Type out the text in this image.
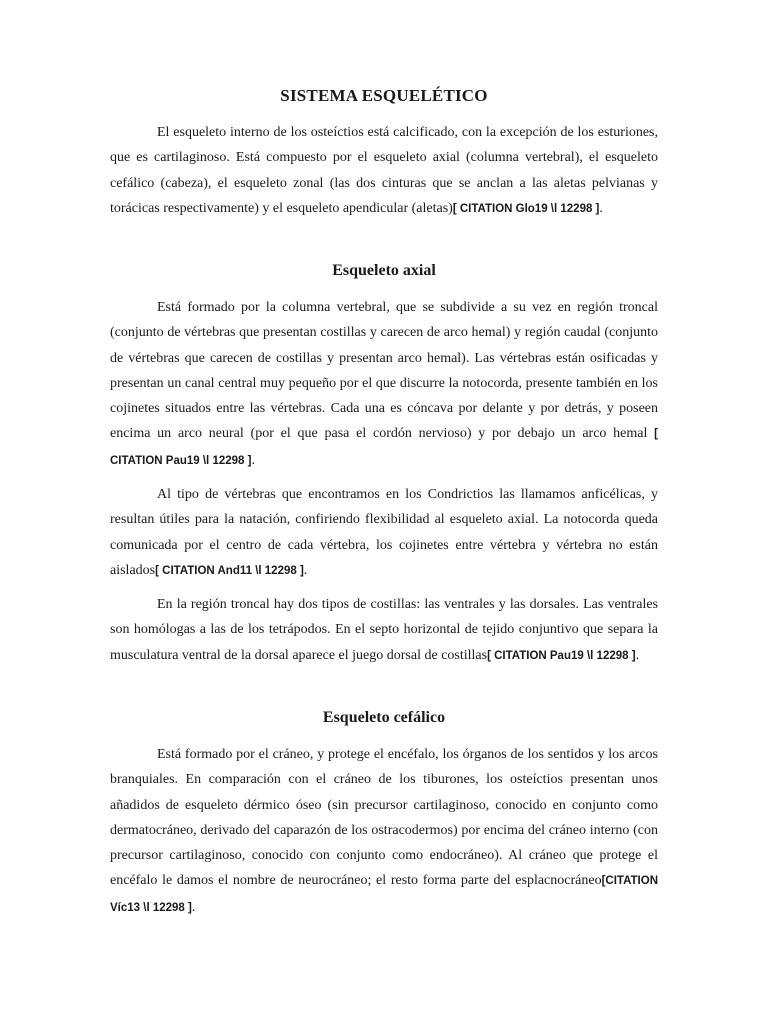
SISTEMA ESQUELÉTICO

El esqueleto interno de los osteíctios está calcificado, con la excepción de los esturiones, que es cartilaginoso. Está compuesto por el esqueleto axial (columna vertebral), el esqueleto cefálico (cabeza), el esqueleto zonal (las dos cinturas que se anclan a las aletas pelvianas y torácicas respectivamente) y el esqueleto apendicular (aletas)[ CITATION Glo19 \l 12298 ].

Esqueleto axial

Está formado por la columna vertebral, que se subdivide a su vez en región troncal (conjunto de vértebras que presentan costillas y carecen de arco hemal) y región caudal (conjunto de vértebras que carecen de costillas y presentan arco hemal). Las vértebras están osificadas y presentan un canal central muy pequeño por el que discurre la notocorda, presente también en los cojinetes situados entre las vértebras. Cada una es cóncava por delante y por detrás, y poseen encima un arco neural (por el que pasa el cordón nervioso) y por debajo un arco hemal [ CITATION Pau19 \l 12298 ].

Al tipo de vértebras que encontramos en los Condrictios las llamamos anficélicas, y resultan útiles para la natación, confiriendo flexibilidad al esqueleto axial. La notocorda queda comunicada por el centro de cada vértebra, los cojinetes entre vértebra y vértebra no están aislados[ CITATION And11 \l 12298 ].

En la región troncal hay dos tipos de costillas: las ventrales y las dorsales. Las ventrales son homólogas a las de los tetrápodos. En el septo horizontal de tejido conjuntivo que separa la musculatura ventral de la dorsal aparece el juego dorsal de costillas[ CITATION Pau19 \l 12298 ].

Esqueleto cefálico

Está formado por el cráneo, y protege el encéfalo, los órganos de los sentidos y los arcos branquiales. En comparación con el cráneo de los tiburones, los osteíctios presentan unos añadidos de esqueleto dérmico óseo (sin precursor cartilaginoso, conocido en conjunto como dermatocráneo, derivado del caparazón de los ostracodermos) por encima del cráneo interno (con precursor cartilaginoso, conocido con conjunto como endocráneo). Al cráneo que protege el encéfalo le damos el nombre de neurocráneo; el resto forma parte del esplacnocráneo[CITATION Víc13 \l 12298 ].
